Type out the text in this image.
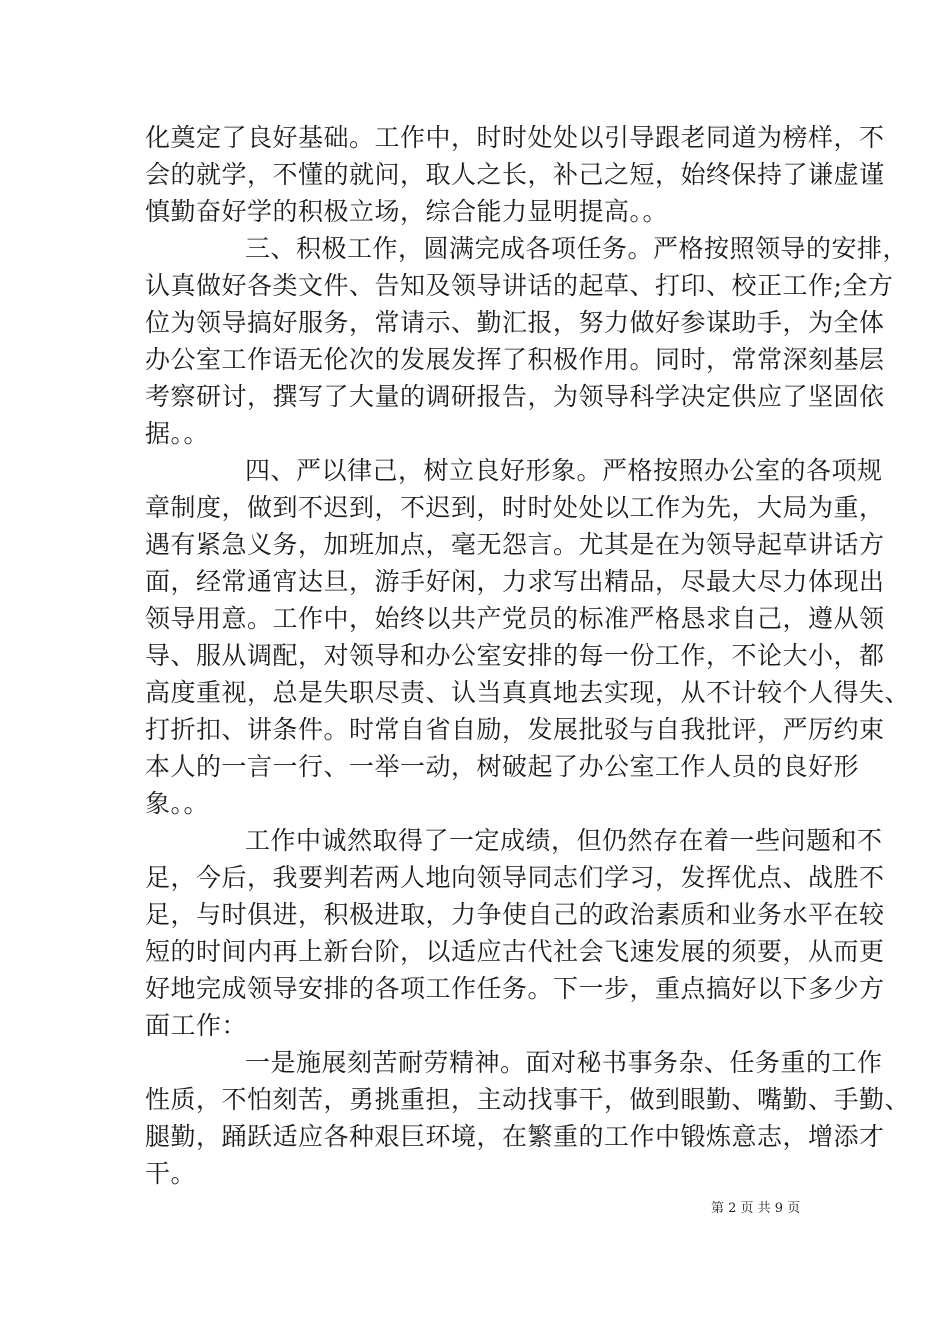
化奠定了良好基础。工作中，时时处处以引导跟老同道为榜样，不
会的就学，不懂的就问，取人之长，补己之短，始终保持了谦虚谨
慎勤奋好学的积极立场，综合能力显明提高。。
三、积极工作，圆满完成各项任务。严格按照领导的安排，
认真做好各类文件、告知及领导讲话的起草、打印、校正工作;全方
位为领导搞好服务，常请示、勤汇报，努力做好参谋助手，为全体
办公室工作语无伦次的发展发挥了积极作用。同时，常常深刻基层
考察研讨，撰写了大量的调研报告，为领导科学决定供应了坚固依
据。。
四、严以律己，树立良好形象。严格按照办公室的各项规
章制度，做到不迟到，不迟到，时时处处以工作为先，大局为重，
遇有紧急义务，加班加点，毫无怨言。尤其是在为领导起草讲话方
面，经常通宵达旦，游手好闲，力求写出精品，尽最大尽力体现出
领导用意。工作中，始终以共产党员的标准严格恳求自己，遵从领
导、服从调配，对领导和办公室安排的每一份工作，不论大小，都
高度重视，总是失职尽责、认当真真地去实现，从不计较个人得失、
打折扣、讲条件。时常自省自励，发展批驳与自我批评，严厉约束
本人的一言一行、一举一动，树破起了办公室工作人员的良好形
象。。
工作中诚然取得了一定成绩，但仍然存在着一些问题和不
足，今后，我要判若两人地向领导同志们学习，发挥优点、战胜不
足，与时俱进，积极进取，力争使自己的政治素质和业务水平在较
短的时间内再上新台阶，以适应古代社会飞速发展的须要，从而更
好地完成领导安排的各项工作任务。下一步，重点搞好以下多少方
面工作：
一是施展刻苦耐劳精神。面对秘书事务杂、任务重的工作
性质，不怕刻苦，勇挑重担，主动找事干，做到眼勤、嘴勤、手勤、
腿勤，踊跃适应各种艰巨环境，在繁重的工作中锻炼意志，增添才
干。
第 2 页 共 9 页
